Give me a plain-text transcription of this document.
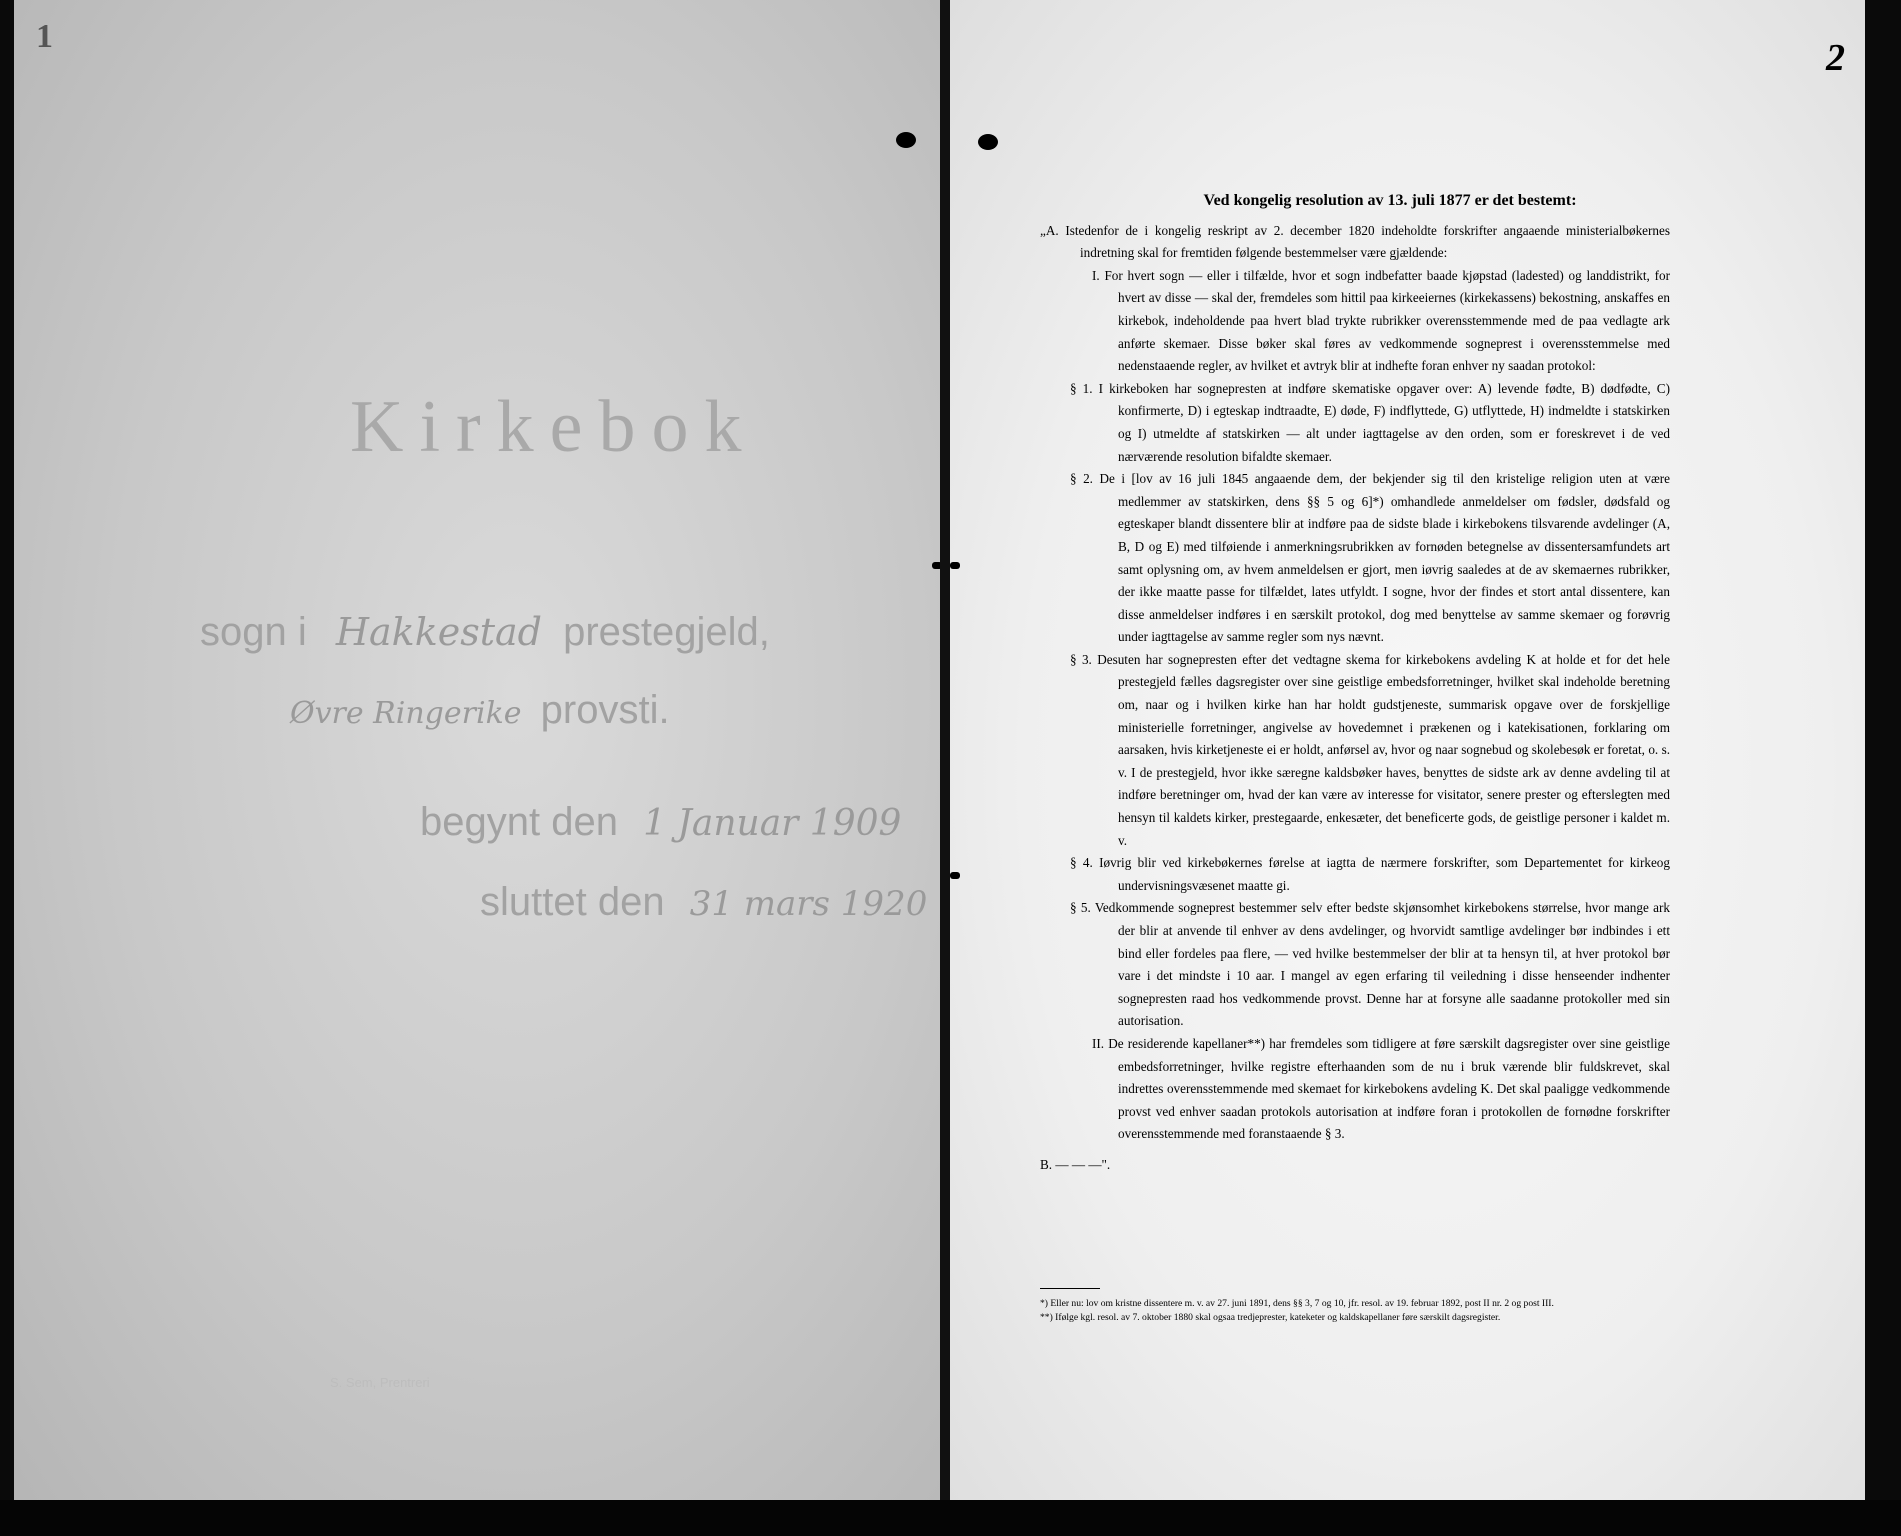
1
Kirkebok
sogn i Hakkestad prestegjeld,
Øvre Ringerike provsti.
begynt den 1 Januar 1909
sluttet den 31 mars 1920
S. Sem, Prentreri
2
Ved kongelig resolution av 13. juli 1877 er det bestemt:

„A. Istedenfor de i kongelig reskript av 2. december 1820 indeholdte forskrifter angaaende ministerialbøkernes indretning skal for fremtiden følgende bestemmelser være gjældende:

I. For hvert sogn — eller i tilfælde, hvor et sogn indbefatter baade kjøpstad (ladested) og landdistrikt, for hvert av disse — skal der, fremdeles som hittil paa kirkeeiernes (kirkekassens) bekostning, anskaffes en kirkebok, indeholdende paa hvert blad trykte rubrikker overensstemmende med de paa vedlagte ark anførte skemaer. Disse bøker skal føres av vedkommende sogneprest i overensstemmelse med nedenstaaende regler, av hvilket et avtryk blir at indhefte foran enhver ny saadan protokol:

§ 1. I kirkeboken har sognepresten at indføre skematiske opgaver over: A) levende fødte, B) dødfødte, C) konfirmerte, D) i egteskap indtraadte, E) døde, F) indflyttede, G) utflyttede, H) indmeldte i statskirken og I) utmeldte af statskirken — alt under iagttagelse av den orden, som er foreskrevet i de ved nærværende resolution bifaldte skemaer.

§ 2. De i [lov av 16 juli 1845 angaaende dem, der bekjender sig til den kristelige religion uten at være medlemmer av statskirken, dens §§ 5 og 6]*) omhandlede anmeldelser om fødsler, dødsfald og egteskaper blandt dissentere blir at indføre paa de sidste blade i kirkebokens tilsvarende avdelinger (A, B, D og E) med tilføiende i anmerkningsrubrikken av fornøden betegnelse av dissentersamfundets art samt oplysning om, av hvem anmeldelsen er gjort, men iøvrig saaledes at de av skemaernes rubrikker, der ikke maatte passe for tilfældet, lates utfyldt. I sogne, hvor der findes et stort antal dissentere, kan disse anmeldelser indføres i en særskilt protokol, dog med benyttelse av samme skemaer og forøvrig under iagttagelse av samme regler som nys nævnt.

§ 3. Desuten har sognepresten efter det vedtagne skema for kirkebokens avdeling K at holde et for det hele prestegjeld fælles dagsregister over sine geistlige embedsforretninger, hvilket skal indeholde beretning om, naar og i hvilken kirke han har holdt gudstjeneste, summarisk opgave over de forskjellige ministerielle forretninger, angivelse av hovedemnet i prækenen og i katekisationen, forklaring om aarsaken, hvis kirketjeneste ei er holdt, anførsel av, hvor og naar sognebud og skolebesøk er foretat, o. s. v. I de prestegjeld, hvor ikke særegne kaldsbøker haves, benyttes de sidste ark av denne avdeling til at indføre beretninger om, hvad der kan være av interesse for visitator, senere prester og efterslegten med hensyn til kaldets kirker, prestegaarde, enkesæter, det beneficerte gods, de geistlige personer i kaldet m. v.

§ 4. Iøvrig blir ved kirkebøkernes førelse at iagtta de nærmere forskrifter, som Departementet for kirkeog undervisningsvæsenet maatte gi.

§ 5. Vedkommende sogneprest bestemmer selv efter bedste skjønsomhet kirkebokens størrelse, hvor mange ark der blir at anvende til enhver av dens avdelinger, og hvorvidt samtlige avdelinger bør indbindes i ett bind eller fordeles paa flere, — ved hvilke bestemmelser der blir at ta hensyn til, at hver protokol bør vare i det mindste i 10 aar. I mangel av egen erfaring til veiledning i disse henseender indhenter sognepresten raad hos vedkommende provst. Denne har at forsyne alle saadanne protokoller med sin autorisation.

II. De residerende kapellaner**) har fremdeles som tidligere at føre særskilt dagsregister over sine geistlige embedsforretninger, hvilke registre efterhaanden som de nu i bruk værende blir fuldskrevet, skal indrettes overensstemmende med skemaet for kirkebokens avdeling K. Det skal paaligge vedkommende provst ved enhver saadan protokols autorisation at indføre foran i protokollen de fornødne forskrifter overensstemmende med foranstaaende § 3.

B. — — —".

*) Eller nu: lov om kristne dissentere m. v. av 27. juni 1891, dens §§ 3, 7 og 10, jfr. resol. av 19. februar 1892, post II nr. 2 og post III.
**) Ifølge kgl. resol. av 7. oktober 1880 skal ogsaa tredjeprester, kateketer og kaldskapellaner føre særskilt dagsregister.
